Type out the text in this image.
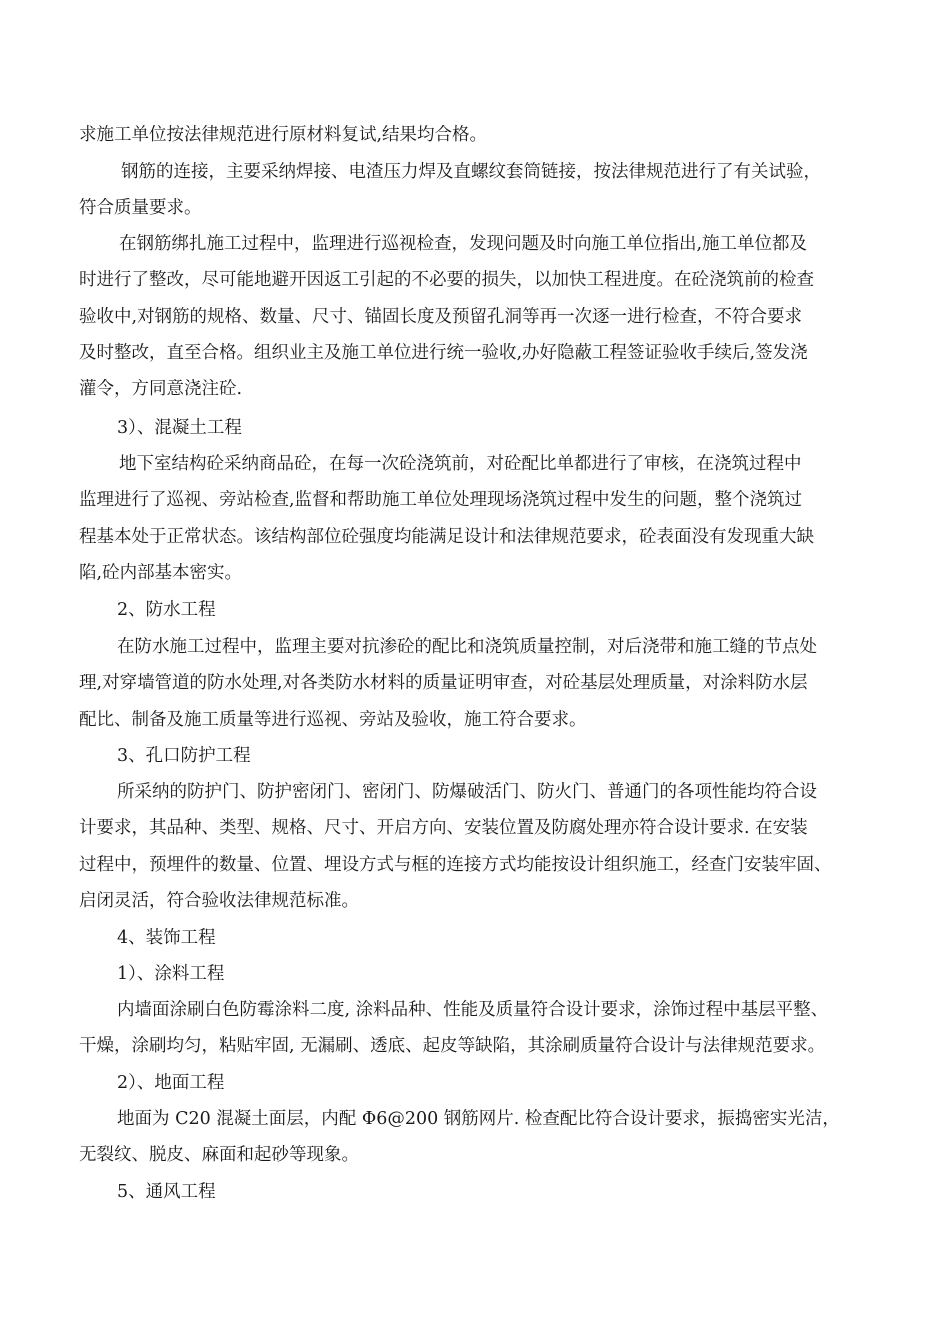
求施工单位按法律规范进行原材料复试,结果均合格。

钢筋的连接，主要采纳焊接、电渣压力焊及直螺纹套筒链接，按法律规范进行了有关试验，
符合质量要求。

在钢筋绑扎施工过程中，监理进行巡视检查，发现问题及时向施工单位指出,施工单位都及
时进行了整改，尽可能地避开因返工引起的不必要的损失，以加快工程进度。在砼浇筑前的检查
验收中,对钢筋的规格、数量、尺寸、锚固长度及预留孔洞等再一次逐一进行检查，不符合要求
及时整改，直至合格。组织业主及施工单位进行统一验收,办好隐蔽工程签证验收手续后,签发浇
灌令，方同意浇注砼.

3）、混凝土工程

地下室结构砼采纳商品砼，在每一次砼浇筑前，对砼配比单都进行了审核，在浇筑过程中
监理进行了巡视、旁站检查,监督和帮助施工单位处理现场浇筑过程中发生的问题，整个浇筑过
程基本处于正常状态。该结构部位砼强度均能满足设计和法律规范要求，砼表面没有发现重大缺
陷,砼内部基本密实。

2、防水工程

在防水施工过程中，监理主要对抗渗砼的配比和浇筑质量控制，对后浇带和施工缝的节点处
理,对穿墙管道的防水处理,对各类防水材料的质量证明审查，对砼基层处理质量，对涂料防水层
配比、制备及施工质量等进行巡视、旁站及验收，施工符合要求。

3、孔口防护工程

所采纳的防护门、防护密闭门、密闭门、防爆破活门、防火门、普通门的各项性能均符合设
计要求，其品种、类型、规格、尺寸、开启方向、安装位置及防腐处理亦符合设计要求. 在安装
过程中，预埋件的数量、位置、埋设方式与框的连接方式均能按设计组织施工，经查门安装牢固、
启闭灵活，符合验收法律规范标准。

4、装饰工程

1）、涂料工程

内墙面涂刷白色防霉涂料二度, 涂料品种、性能及质量符合设计要求，涂饰过程中基层平整、
干燥，涂刷均匀，粘贴牢固, 无漏刷、透底、起皮等缺陷，其涂刷质量符合设计与法律规范要求。

2）、地面工程

地面为 C20 混凝土面层，内配 Φ6@200 钢筋网片. 检查配比符合设计要求，振捣密实光洁，
无裂纹、脱皮、麻面和起砂等现象。

5、通风工程
